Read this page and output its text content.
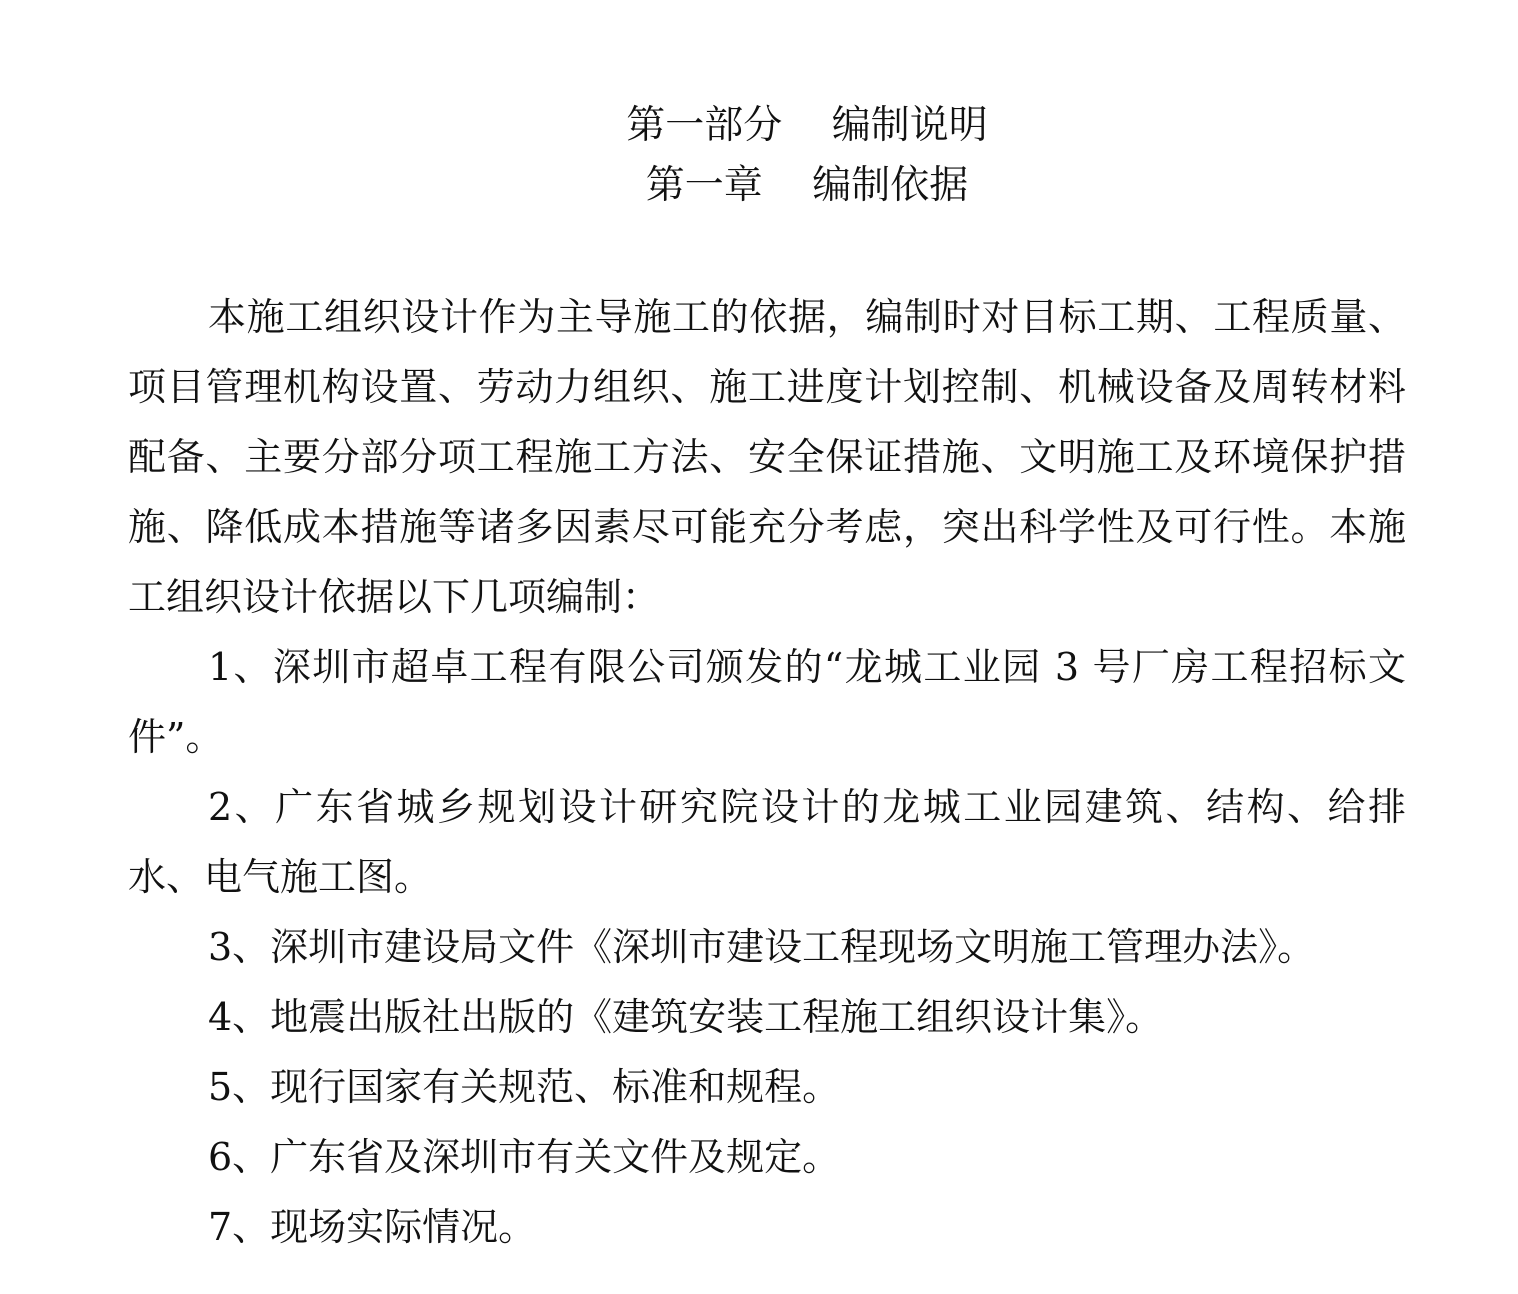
第一部分    编制说明
第一章    编制依据

本施工组织设计作为主导施工的依据，编制时对目标工期、工程质量、项目管理机构设置、劳动力组织、施工进度计划控制、机械设备及周转材料配备、主要分部分项工程施工方法、安全保证措施、文明施工及环境保护措施、降低成本措施等诸多因素尽可能充分考虑，突出科学性及可行性。本施工组织设计依据以下几项编制：

1、深圳市超卓工程有限公司颁发的“龙城工业园 3 号厂房工程招标文件”。

2、广东省城乡规划设计研究院设计的龙城工业园建筑、结构、给排水、电气施工图。

3、深圳市建设局文件《深圳市建设工程现场文明施工管理办法》。

4、地震出版社出版的《建筑安装工程施工组织设计集》。

5、现行国家有关规范、标准和规程。

6、广东省及深圳市有关文件及规定。

7、现场实际情况。
